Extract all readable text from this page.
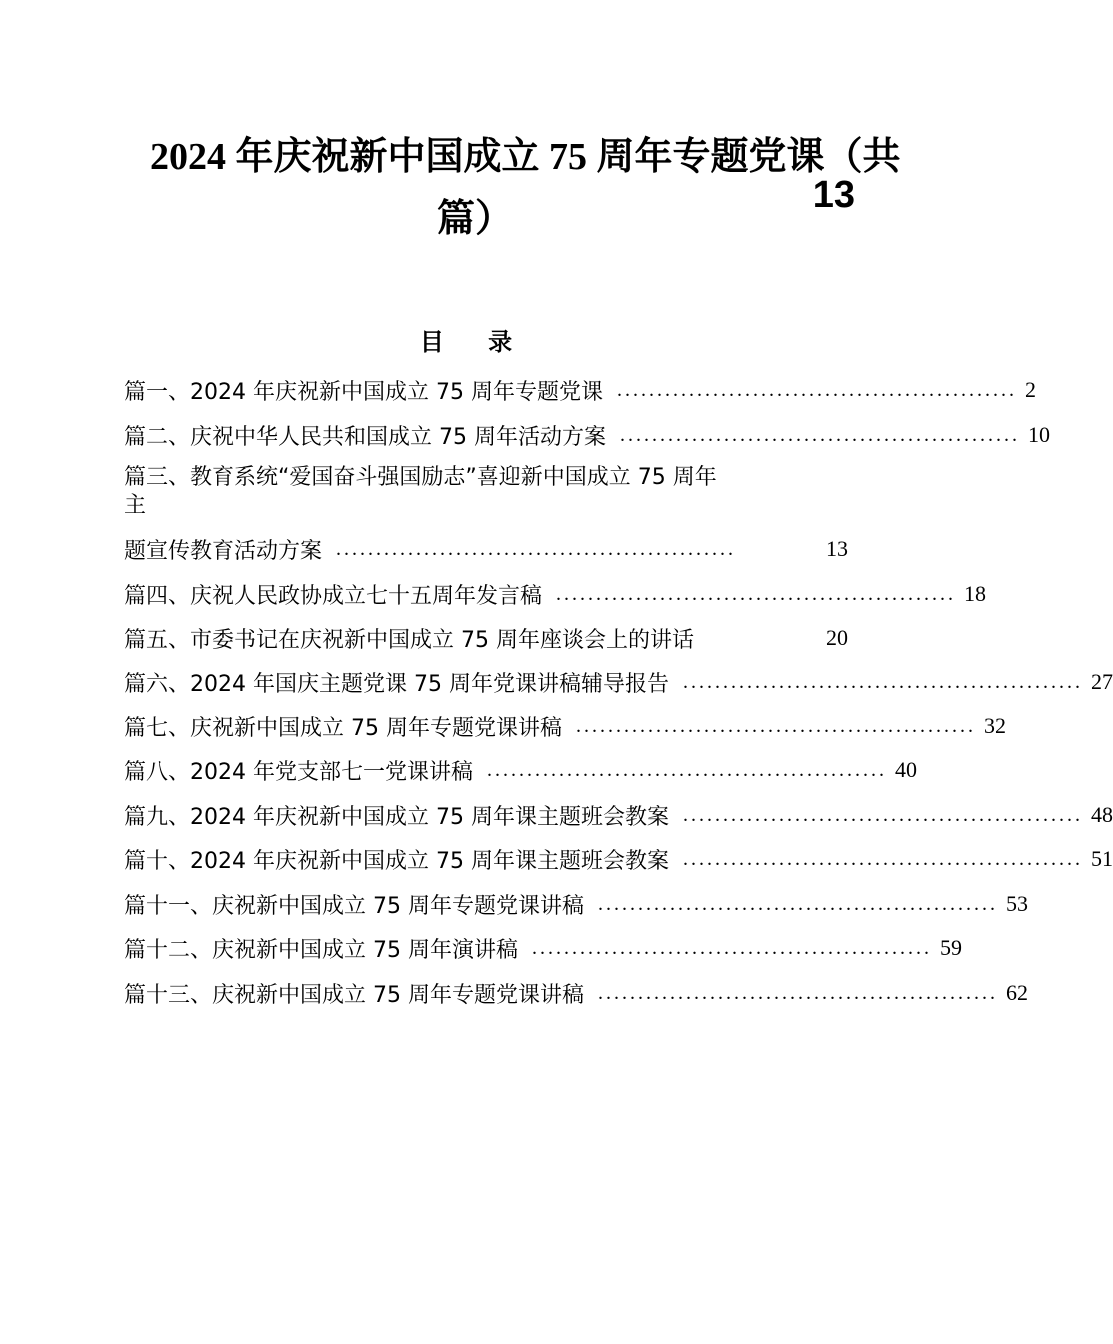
2024 年庆祝新中国成立 75 周年专题党课（共
13
篇）
目 录
篇一、2024 年庆祝新中国成立 75 周年专题党课 .................................................. 2
篇二、庆祝中华人民共和国成立 75 周年活动方案 .................................................. 10
篇三、教育系统“爱国奋斗强国励志”喜迎新中国成立 75 周年
主
题宣传教育活动方案 ..................................................	13
篇四、庆祝人民政协成立七十五周年发言稿 .................................................. 18
篇五、市委书记在庆祝新中国成立 75 周年座谈会上的讲话	20
篇六、2024 年国庆主题党课 75 周年党课讲稿辅导报告 .................................................. 27
篇七、庆祝新中国成立 75 周年专题党课讲稿 .................................................. 32
篇八、2024 年党支部七一党课讲稿 .................................................. 40
篇九、2024 年庆祝新中国成立 75 周年课主题班会教案 .................................................. 48
篇十、2024 年庆祝新中国成立 75 周年课主题班会教案 .................................................. 51
篇十一、庆祝新中国成立 75 周年专题党课讲稿 .................................................. 53
篇十二、庆祝新中国成立 75 周年演讲稿 .................................................. 59
篇十三、庆祝新中国成立 75 周年专题党课讲稿 .................................................. 62
